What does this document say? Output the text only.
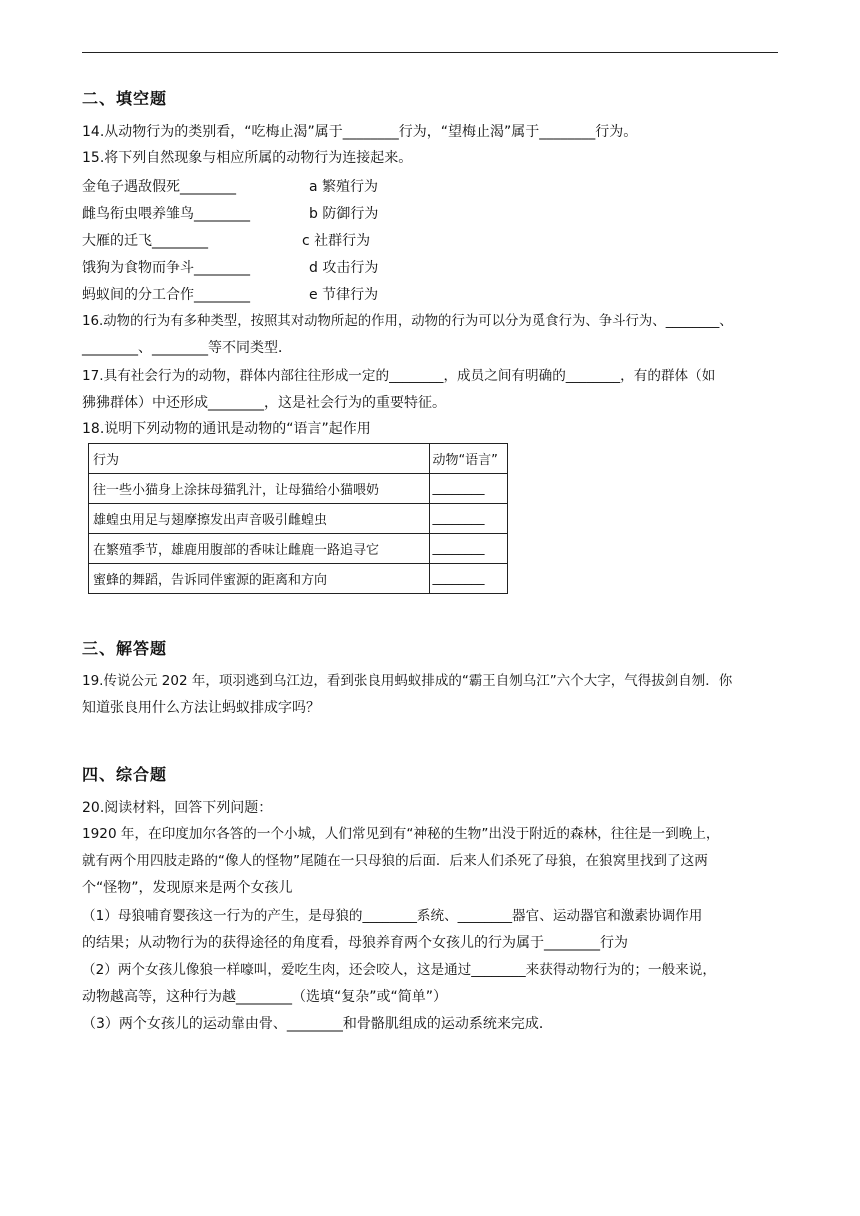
二、填空题
14.从动物行为的类别看，“吃梅止渴”属于________行为，“望梅止渴”属于________行为。
15.将下列自然现象与相应所属的动物行为连接起来。
金龟子遇敌假死________	a 繁殖行为
雌鸟衔虫喂养雏鸟________	b 防御行为
大雁的迁飞________	c 社群行为
饿狗为食物而争斗________	d 攻击行为
蚂蚁间的分工合作________	e 节律行为
16.动物的行为有多种类型，按照其对动物所起的作用，动物的行为可以分为觅食行为、争斗行为、________、
________、________等不同类型．
17.具有社会行为的动物，群体内部往往形成一定的________，成员之间有明确的________，有的群体（如
狒狒群体）中还形成________，这是社会行为的重要特征。
18.说明下列动物的通讯是动物的“语言”起作用
行为	动物“语言”
往一些小猫身上涂抹母猫乳汁，让母猫给小猫喂奶	________
雄蝗虫用足与翅摩擦发出声音吸引雌蝗虫	________
在繁殖季节，雄鹿用腹部的香味让雌鹿一路追寻它	________
蜜蜂的舞蹈，告诉同伴蜜源的距离和方向	________
三、解答题
19.传说公元 202 年，项羽逃到乌江边，看到张良用蚂蚁排成的“霸王自刎乌江”六个大字，气得拔剑自刎．你
知道张良用什么方法让蚂蚁排成字吗？
四、综合题
20.阅读材料，回答下列问题：
1920 年，在印度加尔各答的一个小城，人们常见到有“神秘的生物”出没于附近的森林，往往是一到晚上，
就有两个用四肢走路的“像人的怪物”尾随在一只母狼的后面．后来人们杀死了母狼，在狼窝里找到了这两
个“怪物”，发现原来是两个女孩儿
（1）母狼哺育婴孩这一行为的产生，是母狼的________系统、________器官、运动器官和激素协调作用
的结果；从动物行为的获得途径的角度看，母狼养育两个女孩儿的行为属于________行为
（2）两个女孩儿像狼一样嚎叫，爱吃生肉，还会咬人，这是通过________来获得动物行为的；一般来说，
动物越高等，这种行为越________（选填“复杂”或“简单”）
（3）两个女孩儿的运动靠由骨、________和骨骼肌组成的运动系统来完成．
